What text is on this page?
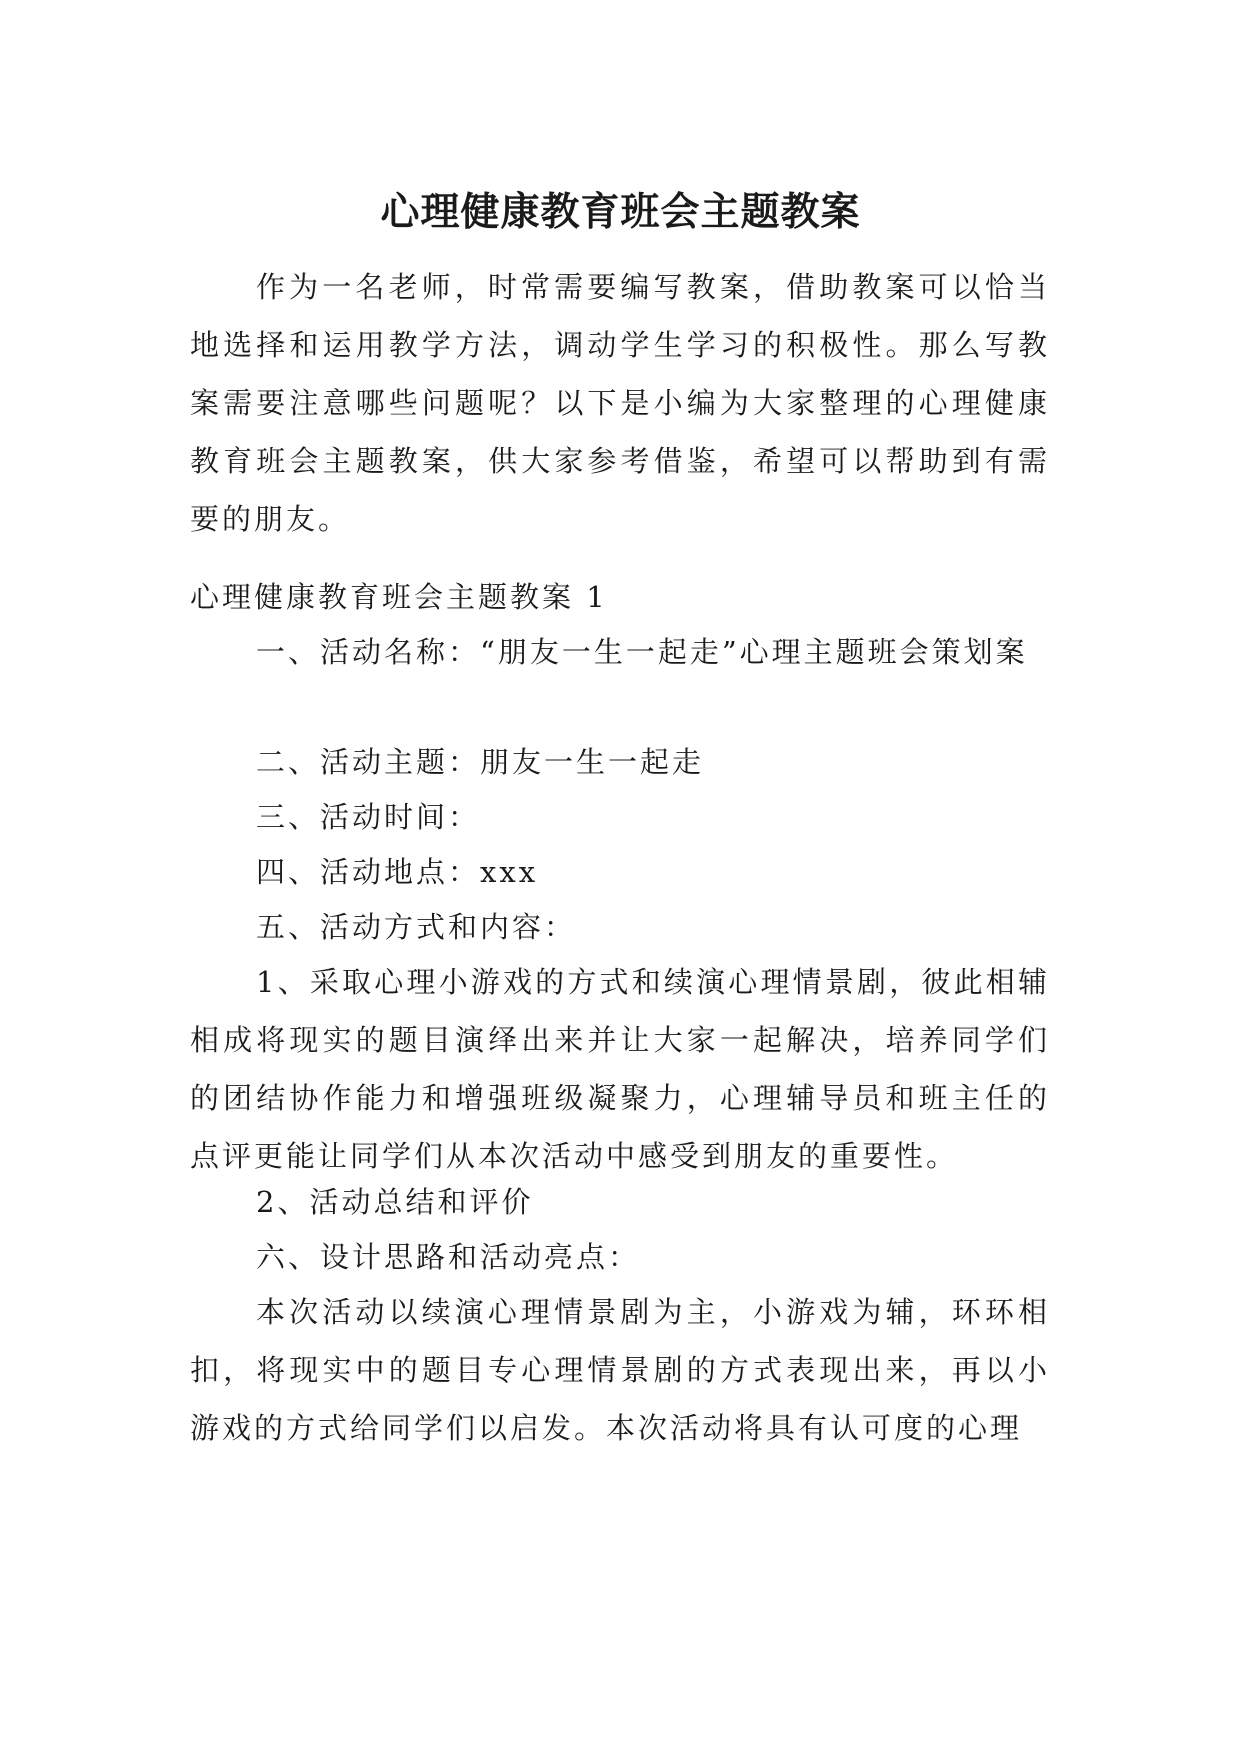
心理健康教育班会主题教案

作为一名老师，时常需要编写教案，借助教案可以恰当地选择和运用教学方法，调动学生学习的积极性。那么写教案需要注意哪些问题呢？以下是小编为大家整理的心理健康教育班会主题教案，供大家参考借鉴，希望可以帮助到有需要的朋友。

心理健康教育班会主题教案 1

一、活动名称：“朋友一生一起走”心理主题班会策划案

二、活动主题：朋友一生一起走

三、活动时间：

四、活动地点：xxx

五、活动方式和内容：

1、采取心理小游戏的方式和续演心理情景剧，彼此相辅相成将现实的题目演绎出来并让大家一起解决，培养同学们的团结协作能力和增强班级凝聚力，心理辅导员和班主任的点评更能让同学们从本次活动中感受到朋友的重要性。

2、活动总结和评价

六、设计思路和活动亮点：

本次活动以续演心理情景剧为主，小游戏为辅，环环相扣，将现实中的题目专心理情景剧的方式表现出来，再以小游戏的方式给同学们以启发。本次活动将具有认可度的心理
